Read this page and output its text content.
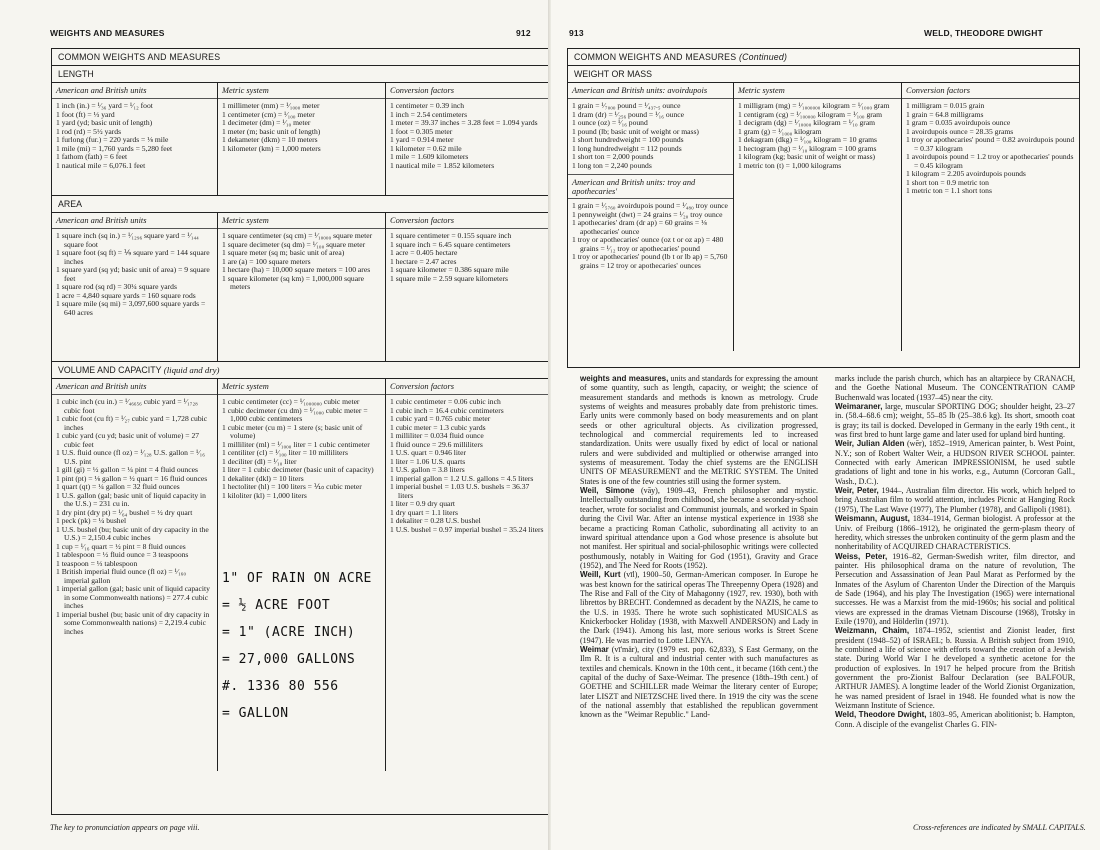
WEIGHTS AND MEASURES	912
COMMON WEIGHTS AND MEASURES
LENGTH
American and British units
1 inch (in.) = ¹⁄₃₆ yard = ¹⁄₁₂ foot
1 foot (ft) = ⅓ yard
1 yard (yd; basic unit of length)
1 rod (rd) = 5½ yards
1 furlong (fur.) = 220 yards = ⅛ mile
1 mile (mi) = 1,760 yards = 5,280 feet
1 fathom (fath) = 6 feet
1 nautical mile = 6,076.1 feet
Metric system
1 millimeter (mm) = ¹⁄₁₀₀₀ meter
1 centimeter (cm) = ¹⁄₁₀₀ meter
1 decimeter (dm) = ¹⁄₁₀ meter
1 meter (m; basic unit of length)
1 dekameter (dkm) = 10 meters
1 kilometer (km) = 1,000 meters
Conversion factors
1 centimeter = 0.39 inch
1 inch = 2.54 centimeters
1 meter = 39.37 inches = 3.28 feet = 1.094 yards
1 foot = 0.305 meter
1 yard = 0.914 meter
1 kilometer = 0.62 mile
1 mile = 1.609 kilometers
1 nautical mile = 1.852 kilometers
AREA
American and British units
1 square inch (sq in.) = ¹⁄₁₂₉₆ square yard = ¹⁄₁₄₄ square foot
1 square foot (sq ft) = ⅑ square yard = 144 square inches
1 square yard (sq yd; basic unit of area) = 9 square feet
1 square rod (sq rd) = 30¼ square yards
1 acre = 4,840 square yards = 160 square rods
1 square mile (sq mi) = 3,097,600 square yards = 640 acres
Metric system
1 square centimeter (sq cm) = ¹⁄₁₀₀₀₀ square meter
1 square decimeter (sq dm) = ¹⁄₁₀₀ square meter
1 square meter (sq m; basic unit of area)
1 are (a) = 100 square meters
1 hectare (ha) = 10,000 square meters = 100 ares
1 square kilometer (sq km) = 1,000,000 square meters
Conversion factors
1 square centimeter = 0.155 square inch
1 square inch = 6.45 square centimeters
1 acre = 0.405 hectare
1 hectare = 2.47 acres
1 square kilometer = 0.386 square mile
1 square mile = 2.59 square kilometers
VOLUME AND CAPACITY (liquid and dry)
American and British units
1 cubic inch (cu in.) = ¹⁄₄₆₆₅₆ cubic yard = ¹⁄₁₇₂₈ cubic foot
1 cubic foot (cu ft) = ¹⁄₂₇ cubic yard = 1,728 cubic inches
1 cubic yard (cu yd; basic unit of volume) = 27 cubic feet
1 U.S. fluid ounce (fl oz) = ¹⁄₁₂₈ U.S. gallon = ¹⁄₁₆ U.S. pint
1 gill (gi) = ½ gallon = ¼ pint = 4 fluid ounces
1 pint (pt) = ⅛ gallon = ½ quart = 16 fluid ounces
1 quart (qt) = ¼ gallon = 32 fluid ounces
1 U.S. gallon (gal; basic unit of liquid capacity in the U.S.) = 231 cu in.
1 dry pint (dry pt) = ¹⁄₆₄ bushel = ½ dry quart
1 peck (pk) = ¼ bushel
1 U.S. bushel (bu; basic unit of dry capacity in the U.S.) = 2,150.4 cubic inches
1 cup = ¹⁄₁₆ quart = ½ pint = 8 fluid ounces
1 tablespoon = ½ fluid ounce = 3 teaspoons
1 teaspoon = ⅓ tablespoon
1 British imperial fluid ounce (fl oz) = ¹⁄₁₆₀ imperial gallon
1 imperial gallon (gal; basic unit of liquid capacity in some Commonwealth nations) = 277.4 cubic inches
1 imperial bushel (bu; basic unit of dry capacity in some Commonwealth nations) = 2,219.4 cubic inches
Metric system
1 cubic centimeter (cc) = ¹⁄₁₀₀₀₀₀₀ cubic meter
1 cubic decimeter (cu dm) = ¹⁄₁₀₀₀ cubic meter = 1,000 cubic centimeters
1 cubic meter (cu m) = 1 stere (s; basic unit of volume)
1 milliliter (ml) = ¹⁄₁₀₀₀ liter = 1 cubic centimeter
1 centiliter (cl) = ¹⁄₁₀₀ liter = 10 milliliters
1 deciliter (dl) = ¹⁄₁₀ liter
1 liter = 1 cubic decimeter (basic unit of capacity)
1 dekaliter (dkl) = 10 liters
1 hectoliter (hl) = 100 liters = ⅒ cubic meter
1 kiloliter (kl) = 1,000 liters
1" OF RAIN ON ACRE
= ½ ACRE FOOT
= 1" (ACRE INCH)
= 27,000 GALLONS
#. 1336 80 556
= GALLON
Conversion factors
1 cubic centimeter = 0.06 cubic inch
1 cubic inch = 16.4 cubic centimeters
1 cubic yard = 0.765 cubic meter
1 cubic meter = 1.3 cubic yards
1 milliliter = 0.034 fluid ounce
1 fluid ounce = 29.6 milliliters
1 U.S. quart = 0.946 liter
1 liter = 1.06 U.S. quarts
1 U.S. gallon = 3.8 liters
1 imperial gallon = 1.2 U.S. gallons = 4.5 liters
1 imperial bushel = 1.03 U.S. bushels = 36.37 liters
1 liter = 0.9 dry quart
1 dry quart = 1.1 liters
1 dekaliter = 0.28 U.S. bushel
1 U.S. bushel = 0.97 imperial bushel = 35.24 liters
The key to pronunciation appears on page viii.
913	WELD, THEODORE DWIGHT
COMMON WEIGHTS AND MEASURES (Continued)
WEIGHT OR MASS
American and British units: avoirdupois
1 grain = ¹⁄₇₀₀₀ pound = ¹⁄₄₃₇.₅ ounce
1 dram (dr) = ¹⁄₂₅₆ pound = ¹⁄₁₆ ounce
1 ounce (oz) = ¹⁄₁₆ pound
1 pound (lb; basic unit of weight or mass)
1 short hundredweight = 100 pounds
1 long hundredweight = 112 pounds
1 short ton = 2,000 pounds
1 long ton = 2,240 pounds
American and British units: troy and apothecaries'
1 grain = ¹⁄₅₇₆₀ avoirdupois pound = ¹⁄₄₈₀ troy ounce
1 pennyweight (dwt) = 24 grains = ¹⁄₂₀ troy ounce
1 apothecaries' dram (dr ap) = 60 grains = ⅛ apothecaries' ounce
1 troy or apothecaries' ounce (oz t or oz ap) = 480 grains = ¹⁄₁₂ troy or apothecaries' pound
1 troy or apothecaries' pound (lb t or lb ap) = 5,760 grains = 12 troy or apothecaries' ounces
Metric system
1 milligram (mg) = ¹⁄₁₀₀₀₀₀₀ kilogram = ¹⁄₁₀₀₀ gram
1 centigram (cg) = ¹⁄₁₀₀₀₀₀ kilogram = ¹⁄₁₀₀ gram
1 decigram (dg) = ¹⁄₁₀₀₀₀ kilogram = ¹⁄₁₀ gram
1 gram (g) = ¹⁄₁₀₀₀ kilogram
1 dekagram (dkg) = ¹⁄₁₀₀ kilogram = 10 grams
1 hectogram (hg) = ¹⁄₁₀ kilogram = 100 grams
1 kilogram (kg; basic unit of weight or mass)
1 metric ton (t) = 1,000 kilograms
Conversion factors
1 milligram = 0.015 grain
1 grain = 64.8 milligrams
1 gram = 0.035 avoirdupois ounce
1 avoirdupois ounce = 28.35 grams
1 troy or apothecaries' pound = 0.82 avoirdupois pound = 0.37 kilogram
1 avoirdupois pound = 1.2 troy or apothecaries' pounds = 0.45 kilogram
1 kilogram = 2.205 avoirdupois pounds
1 short ton = 0.9 metric ton
1 metric ton = 1.1 short tons

weights and measures, units and standards for expressing the amount of some quantity, such as length, capacity, or weight; the science of measurement standards and methods is known as metrology. Crude systems of weights and measures probably date from prehistoric times. Early units were commonly based on body measurements and on plant seeds or other agricultural objects. As civilization progressed, technological and commercial requirements led to increased standardization. Units were usually fixed by edict of local or national rulers and were subdivided and multiplied or otherwise arranged into systems of measurement. Today the chief systems are the ENGLISH UNITS OF MEASUREMENT and the METRIC SYSTEM. The United States is one of the few countries still using the former system.

Weil, Simone (vāy), 1909–43, French philosopher and mystic. Intellectually outstanding from childhood, she became a secondary-school teacher, wrote for socialist and Communist journals, and worked in Spain during the Civil War. After an intense mystical experience in 1938 she became a practicing Roman Catholic, subordinating all activity to an inward spiritual attendance upon a God whose presence is absolute but not manifest. Her spiritual and social-philosophic writings were collected posthumously, notably in Waiting for God (1951), Gravity and Grace (1952), and The Need for Roots (1952).

Weill, Kurt (vīl), 1900–50, German-American composer. In Europe he was best known for the satirical operas The Threepenny Opera (1928) and The Rise and Fall of the City of Mahagonny (1927, rev. 1930), both with librettos by BRECHT. Condemned as decadent by the NAZIS, he came to the U.S. in 1935. There he wrote such sophisticated MUSICALS as Knickerbocker Holiday (1938, with Maxwell ANDERSON) and Lady in the Dark (1941). Among his last, more serious works is Street Scene (1947). He was married to Lotte LENYA.

Weimar (vī'mär), city (1979 est. pop. 62,833), S East Germany, on the Ilm R. It is a cultural and industrial center with such manufactures as textiles and chemicals. Known in the 10th cent., it became (16th cent.) the capital of the duchy of Saxe-Weimar. The presence (18th–19th cent.) of GOETHE and SCHILLER made Weimar the literary center of Europe; later LISZT and NIETZSCHE lived there. In 1919 the city was the scene of the national assembly that established the republican government known as the "Weimar Republic." Land-

marks include the parish church, which has an altarpiece by CRANACH, and the Goethe National Museum. The CONCENTRATION CAMP Buchenwald was located (1937–45) near the city.

Weimaraner, large, muscular SPORTING DOG; shoulder height, 23–27 in. (58.4–68.6 cm); weight, 55–85 lb (25–38.6 kg). Its short, smooth coat is gray; its tail is docked. Developed in Germany in the early 19th cent., it was first bred to hunt large game and later used for upland bird hunting.

Weir, Julian Alden (wēr), 1852–1919, American painter, b. West Point, N.Y.; son of Robert Walter Weir, a HUDSON RIVER SCHOOL painter. Connected with early American IMPRESSIONISM, he used subtle gradations of light and tone in his works, e.g., Autumn (Corcoran Gall., Wash., D.C.).

Weir, Peter, 1944–, Australian film director. His work, which helped to bring Australian film to world attention, includes Picnic at Hanging Rock (1975), The Last Wave (1977), The Plumber (1978), and Gallipoli (1981).

Weismann, August, 1834–1914, German biologist. A professor at the Univ. of Freiburg (1866–1912), he originated the germ-plasm theory of heredity, which stresses the unbroken continuity of the germ plasm and the nonheritability of ACQUIRED CHARACTERISTICS.

Weiss, Peter, 1916–82, German-Swedish writer, film director, and painter. His philosophical drama on the nature of revolution, The Persecution and Assassination of Jean Paul Marat as Performed by the Inmates of the Asylum of Charenton Under the Direction of the Marquis de Sade (1964), and his play The Investigation (1965) were international successes. He was a Marxist from the mid-1960s; his social and political views are expressed in the dramas Vietnam Discourse (1968), Trotsky in Exile (1970), and Hölderlin (1971).

Weizmann, Chaim, 1874–1952, scientist and Zionist leader, first president (1948–52) of ISRAEL; b. Russia. A British subject from 1910, he combined a life of science with efforts toward the creation of a Jewish state. During World War I he developed a synthetic acetone for the production of explosives. In 1917 he helped procure from the British government the pro-Zionist Balfour Declaration (see BALFOUR, ARTHUR JAMES). A longtime leader of the World Zionist Organization, he was named president of Israel in 1948. He founded what is now the Weizmann Institute of Science.

Weld, Theodore Dwight, 1803–95, American abolitionist; b. Hampton, Conn. A disciple of the evangelist Charles G. FIN-

Cross-references are indicated by SMALL CAPITALS.
